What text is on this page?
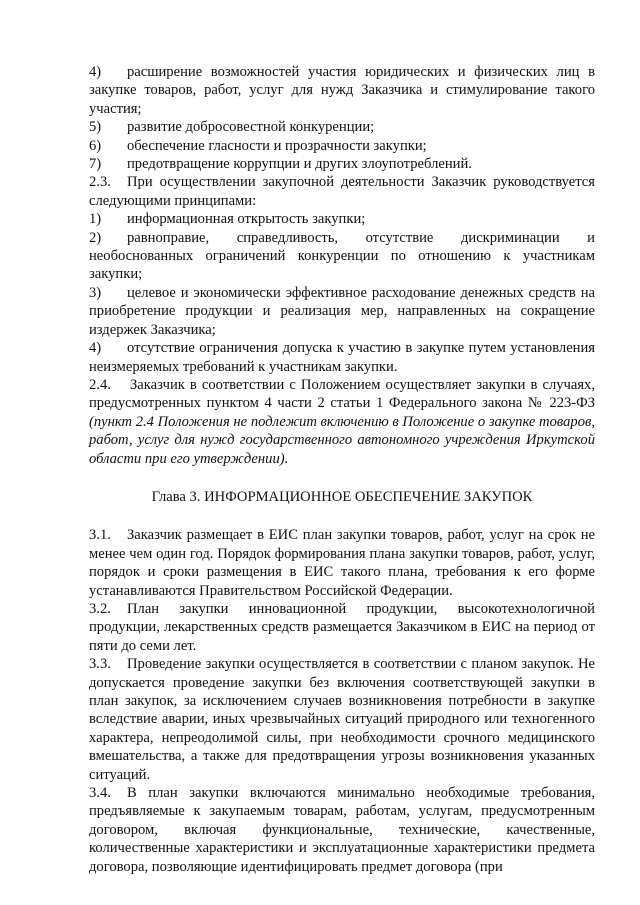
4) расширение возможностей участия юридических и физических лиц в закупке товаров, работ, услуг для нужд Заказчика и стимулирование такого участия;

5) развитие добросовестной конкуренции;

6) обеспечение гласности и прозрачности закупки;

7) предотвращение коррупции и других злоупотреблений.

2.3. При осуществлении закупочной деятельности Заказчик руководствуется следующими принципами:

1) информационная открытость закупки;

2) равноправие, справедливость, отсутствие дискриминации и необоснованных ограничений конкуренции по отношению к участникам закупки;

3) целевое и экономически эффективное расходование денежных средств на приобретение продукции и реализация мер, направленных на сокращение издержек Заказчика;

4) отсутствие ограничения допуска к участию в закупке путем установления неизмеряемых требований к участникам закупки.

2.4. Заказчик в соответствии с Положением осуществляет закупки в случаях, предусмотренных пунктом 4 части 2 статьи 1 Федерального закона № 223-ФЗ (пункт 2.4 Положения не подлежит включению в Положение о закупке товаров, работ, услуг для нужд государственного автономного учреждения Иркутской области при его утверждении).

Глава 3. ИНФОРМАЦИОННОЕ ОБЕСПЕЧЕНИЕ ЗАКУПОК

3.1. Заказчик размещает в ЕИС план закупки товаров, работ, услуг на срок не менее чем один год. Порядок формирования плана закупки товаров, работ, услуг, порядок и сроки размещения в ЕИС такого плана, требования к его форме устанавливаются Правительством Российской Федерации.

3.2. План закупки инновационной продукции, высокотехнологичной продукции, лекарственных средств размещается Заказчиком в ЕИС на период от пяти до семи лет.

3.3. Проведение закупки осуществляется в соответствии с планом закупок. Не допускается проведение закупки без включения соответствующей закупки в план закупок, за исключением случаев возникновения потребности в закупке вследствие аварии, иных чрезвычайных ситуаций природного или техногенного характера, непреодолимой силы, при необходимости срочного медицинского вмешательства, а также для предотвращения угрозы возникновения указанных ситуаций.

3.4. В план закупки включаются минимально необходимые требования, предъявляемые к закупаемым товарам, работам, услугам, предусмотренным договором, включая функциональные, технические, качественные, количественные характеристики и эксплуатационные характеристики предмета договора, позволяющие идентифицировать предмет договора (при
